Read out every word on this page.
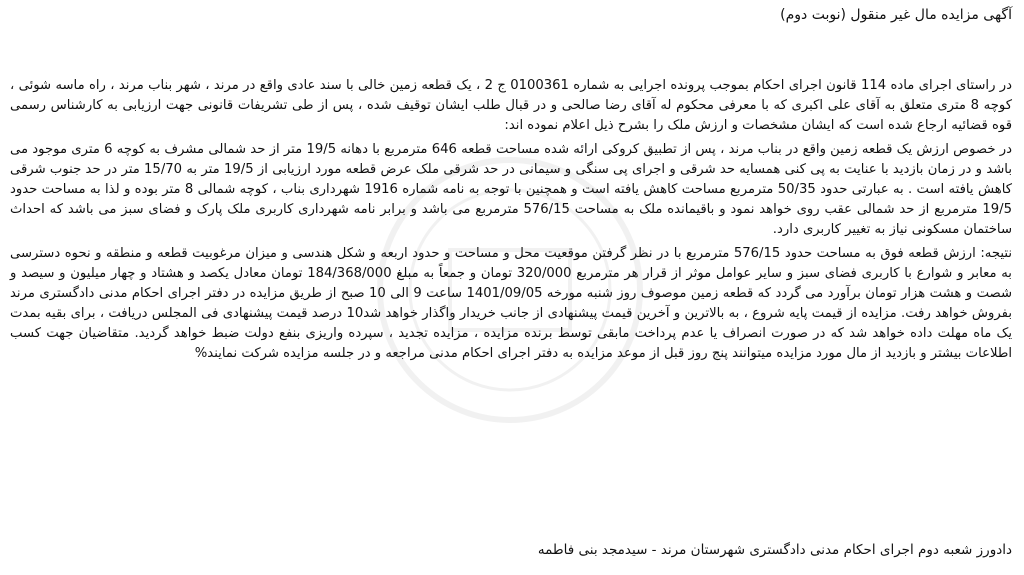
آگهی مزایده مال غیر منقول (نوبت دوم)

در راستای اجرای ماده 114 قانون اجرای احکام بموجب پرونده اجرایی به شماره 0100361 ج 2 ، یک قطعه زمین خالی با سند عادی واقع در مرند ، شهر بناب مرند ، راه ماسه شوئی ، کوچه 8 متری متعلق به آقای علی اکبری که با معرفی محکوم له آقای رضا صالحی و در قبال طلب ایشان توقیف شده ، پس از طی تشریفات قانونی جهت ارزیابی به کارشناس رسمی قوه قضائیه ارجاع شده است که ایشان مشخصات و ارزش ملک را بشرح ذیل اعلام نموده اند:

در خصوص ارزش یک قطعه زمین واقع در بناب مرند ، پس از تطبیق کروکی ارائه شده مساحت قطعه 646 مترمربع با دهانه 19/5 متر از حد شمالی مشرف به کوچه 6 متری موجود می باشد و در زمان بازدید با عنایت به پی کنی همسایه حد شرقی و اجرای پی سنگی و سیمانی در حد شرقی ملک عرض قطعه مورد ارزیابی از 19/5 متر به 15/70 متر در حد جنوب شرقی کاهش یافته است . به عبارتی حدود 50/35 مترمربع مساحت کاهش یافته است و همچنین با توجه به نامه شماره 1916 شهرداری بناب ، کوچه شمالی 8 متر بوده و لذا به مساحت حدود 19/5 مترمربع از حد شمالی عقب روی خواهد نمود و باقیمانده ملک به مساحت 576/15 مترمربع می باشد و برابر نامه شهرداری کاربری ملک پارک و فضای سبز می باشد که احداث ساختمان مسکونی نیاز به تغییر کاربری دارد.

نتیجه: ارزش قطعه فوق به مساحت حدود 576/15 مترمربع با در نظر گرفتن موقعیت محل و مساحت و حدود اربعه و شکل هندسی و میزان مرغوبیت قطعه و منطقه و نحوه دسترسی به معابر و شوارع با کاربری فضای سبز و سایر عوامل موثر از قرار هر مترمربع 320/000 تومان و جمعاً به مبلغ 184/368/000 تومان معادل یکصد و هشتاد و چهار میلیون و سیصد و شصت و هشت هزار تومان برآورد می گردد که قطعه زمین موصوف روز شنبه مورخه 1401/09/05 ساعت 9 الی 10 صبح از طریق مزایده در دفتر اجرای احکام مدنی دادگستری مرند بفروش خواهد رفت. مزایده از قیمت پایه شروع ، به بالاترین و آخرین قیمت پیشنهادی از جانب خریدار واگذار خواهد شد10 درصد قیمت پیشنهادی فی المجلس دریافت ، برای بقیه بمدت یک ماه مهلت داده خواهد شد که در صورت انصراف یا عدم پرداخت مابقی توسط برنده مزایده ، مزایده تجدید ، سپرده واریزی بنفع دولت ضبط خواهد گردید. متقاضیان جهت کسب اطلاعات بیشتر و بازدید از مال مورد مزایده میتوانند پنج روز قبل از موعد مزایده به دفتر اجرای احکام مدنی مراجعه و در جلسه مزایده شرکت نمایند%

دادورز شعبه دوم اجرای احکام مدنی دادگستری شهرستان مرند - سیدمجد بنی فاطمه
